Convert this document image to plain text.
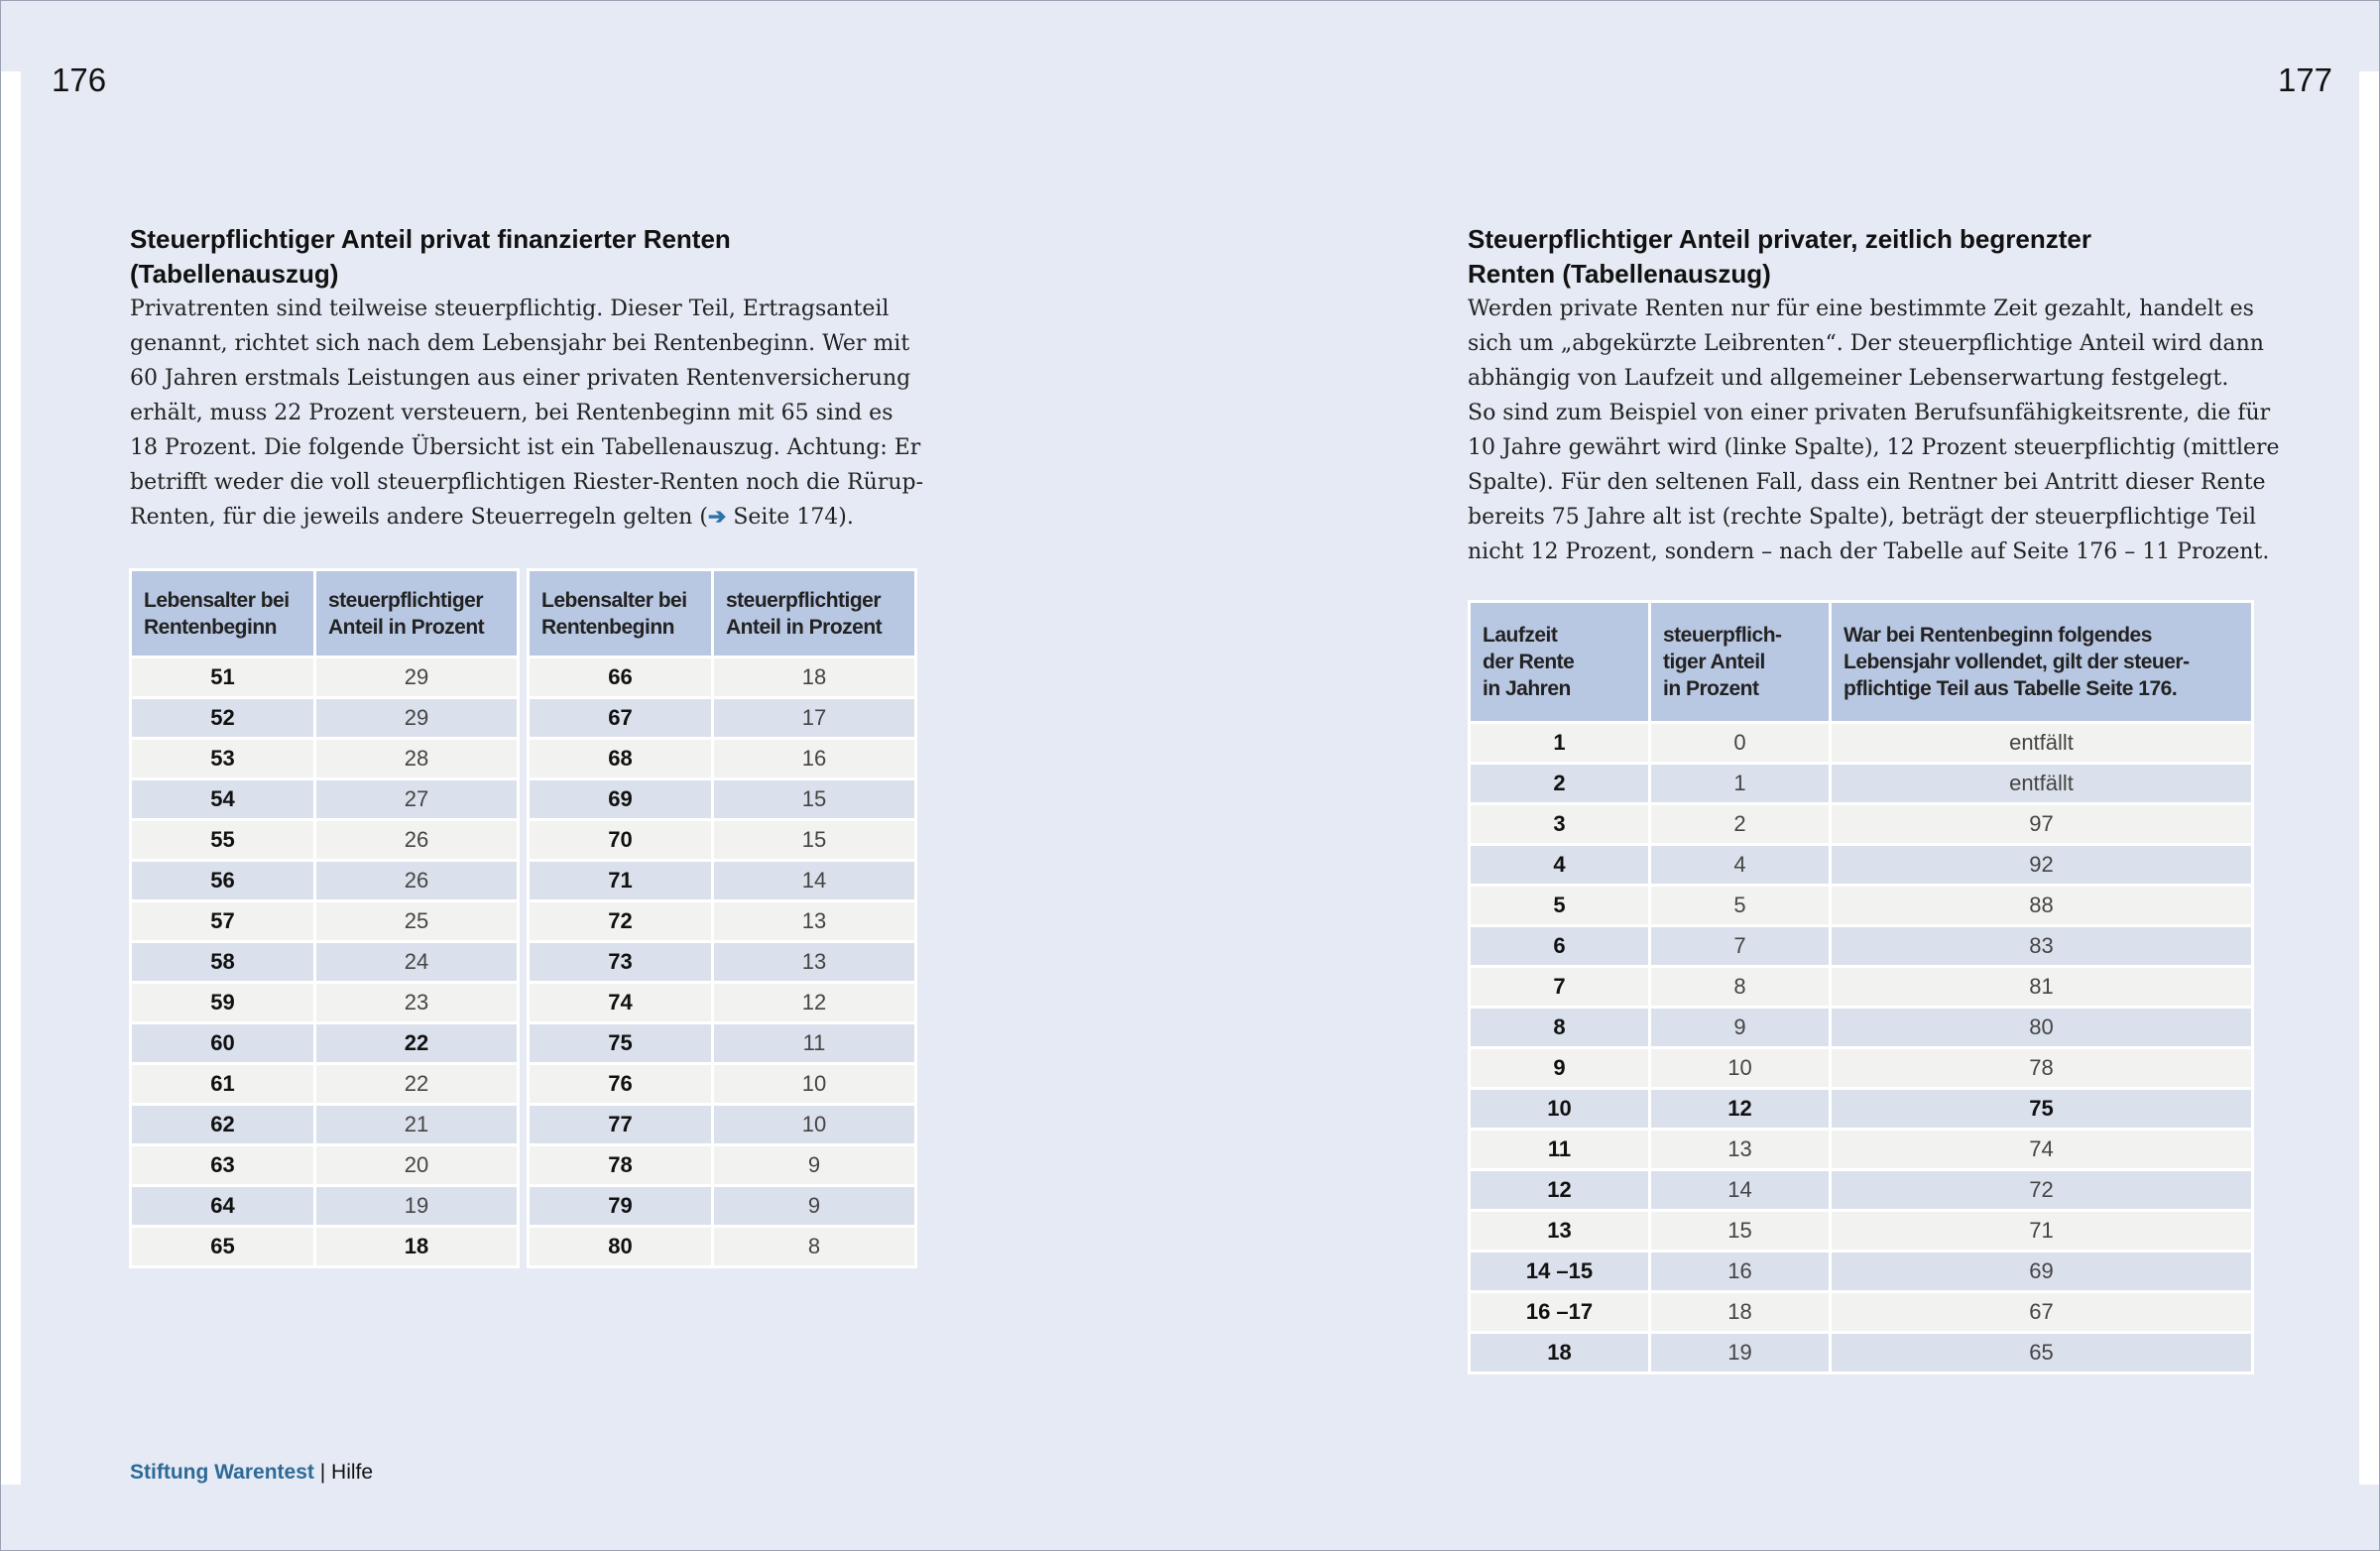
176	177
Steuerpflichtiger Anteil privat finanzierter Renten
(Tabellenauszug)

Privatrenten sind teilweise steuerpflichtig. Dieser Teil, Ertragsanteil
genannt, richtet sich nach dem Lebensjahr bei Rentenbeginn. Wer mit
60 Jahren erstmals Leistungen aus einer privaten Rentenversicherung
erhält, muss 22 Prozent versteuern, bei Rentenbeginn mit 65 sind es
18 Prozent. Die folgende Übersicht ist ein Tabellenauszug. Achtung: Er
betrifft weder die voll steuerpflichtigen Riester-Renten noch die Rürup-
Renten, für die jeweils andere Steuerregeln gelten (➔ Seite 174).

Lebensalter bei Rentenbeginn	steuerpflichtiger Anteil in Prozent
51	29
52	29
53	28
54	27
55	26
56	26
57	25
58	24
59	23
60	22
61	22
62	21
63	20
64	19
65	18
Lebensalter bei Rentenbeginn	steuerpflichtiger Anteil in Prozent
66	18
67	17
68	16
69	15
70	15
71	14
72	13
73	13
74	12
75	11
76	10
77	10
78	9
79	9
80	8
Steuerpflichtiger Anteil privater, zeitlich begrenzter
Renten (Tabellenauszug)

Werden private Renten nur für eine bestimmte Zeit gezahlt, handelt es
sich um „abgekürzte Leibrenten“. Der steuerpflichtige Anteil wird dann
abhängig von Laufzeit und allgemeiner Lebenserwartung festgelegt.
So sind zum Beispiel von einer privaten Berufsunfähigkeitsrente, die für
10 Jahre gewährt wird (linke Spalte), 12 Prozent steuerpflichtig (mittlere
Spalte). Für den seltenen Fall, dass ein Rentner bei Antritt dieser Rente
bereits 75 Jahre alt ist (rechte Spalte), beträgt der steuerpflichtige Teil
nicht 12 Prozent, sondern – nach der Tabelle auf Seite 176 – 11 Prozent.

Laufzeit
der Rente
in Jahren	steuerpflich-
tiger Anteil
in Prozent	War bei Rentenbeginn folgendes
Lebensjahr vollendet, gilt der steuer-
pflichtige Teil aus Tabelle Seite 176.
1	0	entfällt
2	1	entfällt
3	2	97
4	4	92
5	5	88
6	7	83
7	8	81
8	9	80
9	10	78
10	12	75
11	13	74
12	14	72
13	15	71
14 –15	16	69
16 –17	18	67
18	19	65
Stiftung Warentest | Hilfe
